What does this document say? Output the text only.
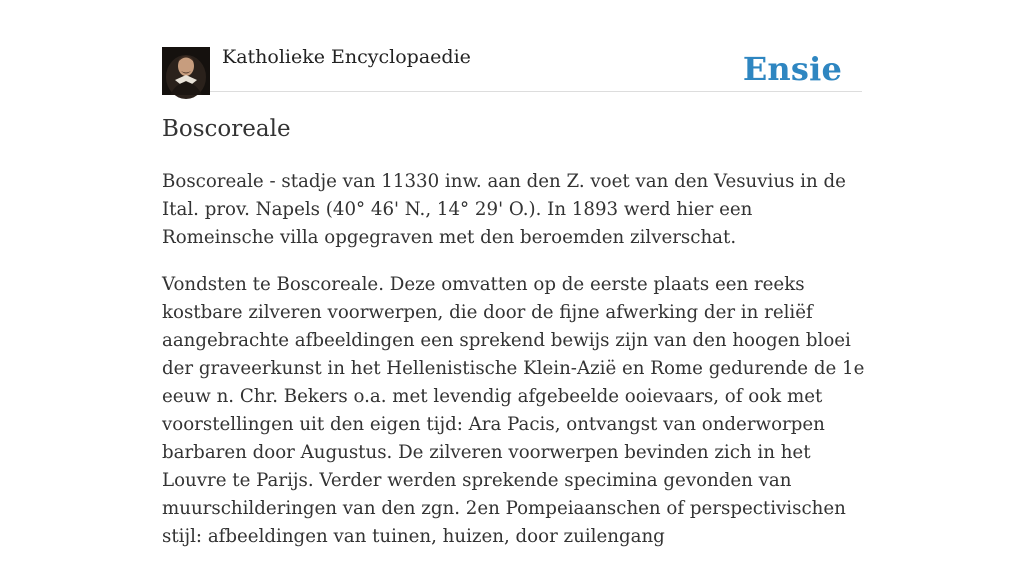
Katholieke Encyclopaedie	Ensie
Boscoreale

Boscoreale - stadje van 11330 inw. aan den Z. voet van den Vesuvius in de Ital. prov. Napels (40° 46' N., 14° 29' O.). In 1893 werd hier een Romeinsche villa opgegraven met den beroemden zilverschat.

Vondsten te Boscoreale. Deze omvatten op de eerste plaats een reeks kostbare zilveren voorwerpen, die door de fijne afwerking der in reliëf aangebrachte afbeeldingen een sprekend bewijs zijn van den hoogen bloei der graveerkunst in het Hellenistische Klein-Azië en Rome gedurende de 1e eeuw n. Chr. Bekers o.a. met levendig afgebeelde ooievaars, of ook met voorstellingen uit den eigen tijd: Ara Pacis, ontvangst van onderworpen barbaren door Augustus. De zilveren voorwerpen bevinden zich in het Louvre te Parijs. Verder werden sprekende specimina gevonden van muurschilderingen van den zgn. 2en Pompeiaanschen of perspectivischen stijl: afbeeldingen van tuinen, huizen, door zuilengang
